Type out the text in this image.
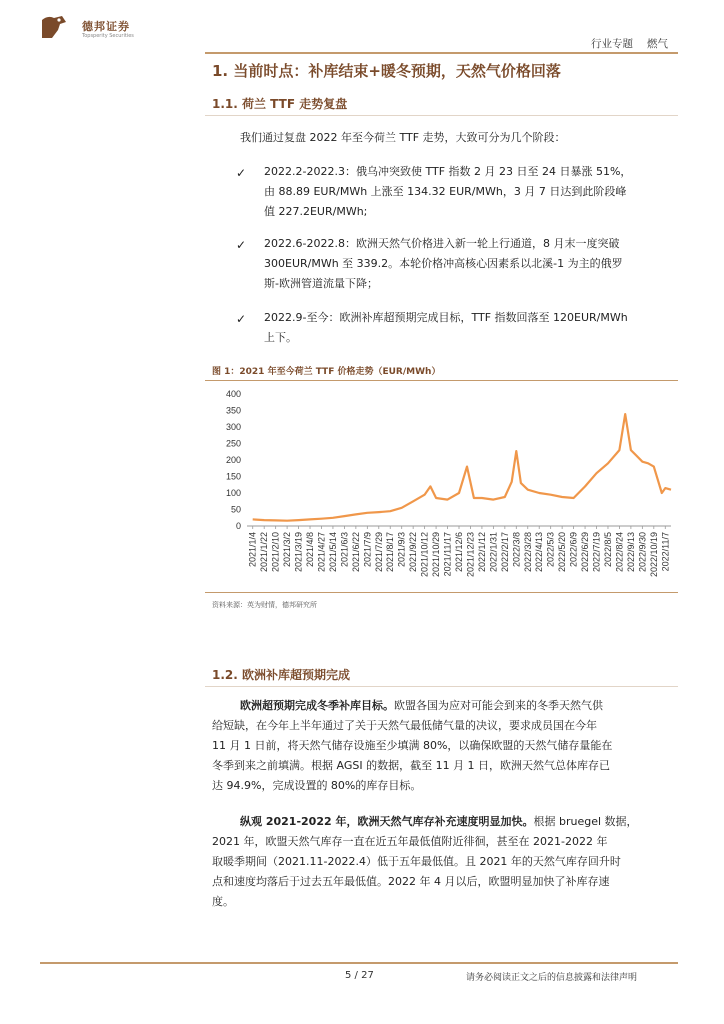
德邦证券
Topsperity Securities
行业专题 燃气
1. 当前时点：补库结束+暖冬预期，天然气价格回落
1.1. 荷兰 TTF 走势复盘
我们通过复盘 2022 年至今荷兰 TTF 走势，大致可分为几个阶段：
✓ 2022.2-2022.3：俄乌冲突致使 TTF 指数 2 月 23 日至 24 日暴涨 51%，
由 88.89 EUR/MWh 上涨至 134.32 EUR/MWh，3 月 7 日达到此阶段峰
值 227.2EUR/MWh;
✓ 2022.6-2022.8：欧洲天然气价格进入新一轮上行通道，8 月末一度突破
300EUR/MWh 至 339.2。本轮价格冲高核心因素系以北溪-1 为主的俄罗
斯-欧洲管道流量下降；
✓ 2022.9-至今：欧洲补库超预期完成目标，TTF 指数回落至 120EUR/MWh
上下。
图 1：2021 年至今荷兰 TTF 价格走势（EUR/MWh）
0
50
100
150
200
250
300
350
400
2021/1/4 2021/1/22 2021/2/10 2021/3/2 2021/3/19 2021/4/8 2021/4/27 2021/5/14 2021/6/3 2021/6/22 2021/7/9 2021/7/29 2021/8/17 2021/9/3 2021/9/22 2021/10/12 2021/10/29 2021/11/17 2021/12/6 2021/12/23 2022/1/12 2022/1/31 2022/2/17 2022/3/8 2022/3/28 2022/4/13 2022/5/3 2022/5/20 2022/6/9 2022/6/29 2022/7/19 2022/8/5 2022/8/24 2022/9/13 2022/9/30 2022/10/19 2022/11/7
资料来源：英为财情，德邦研究所
1.2. 欧洲补库超预期完成
欧洲超预期完成冬季补库目标。欧盟各国为应对可能会到来的冬季天然气供
给短缺，在今年上半年通过了关于天然气最低储气量的决议，要求成员国在今年
11 月 1 日前，将天然气储存设施至少填满 80%，以确保欧盟的天然气储存量能在
冬季到来之前填满。根据 AGSI 的数据，截至 11 月 1 日，欧洲天然气总体库存已
达 94.9%，完成设置的 80%的库存目标。
纵观 2021-2022 年，欧洲天然气库存补充速度明显加快。根据 bruegel 数据，
2021 年，欧盟天然气库存一直在近五年最低值附近徘徊，甚至在 2021-2022 年
取暖季期间（2021.11-2022.4）低于五年最低值。且 2021 年的天然气库存回升时
点和速度均落后于过去五年最低值。2022 年 4 月以后，欧盟明显加快了补库存速
度。
5 / 27	请务必阅读正文之后的信息披露和法律声明
